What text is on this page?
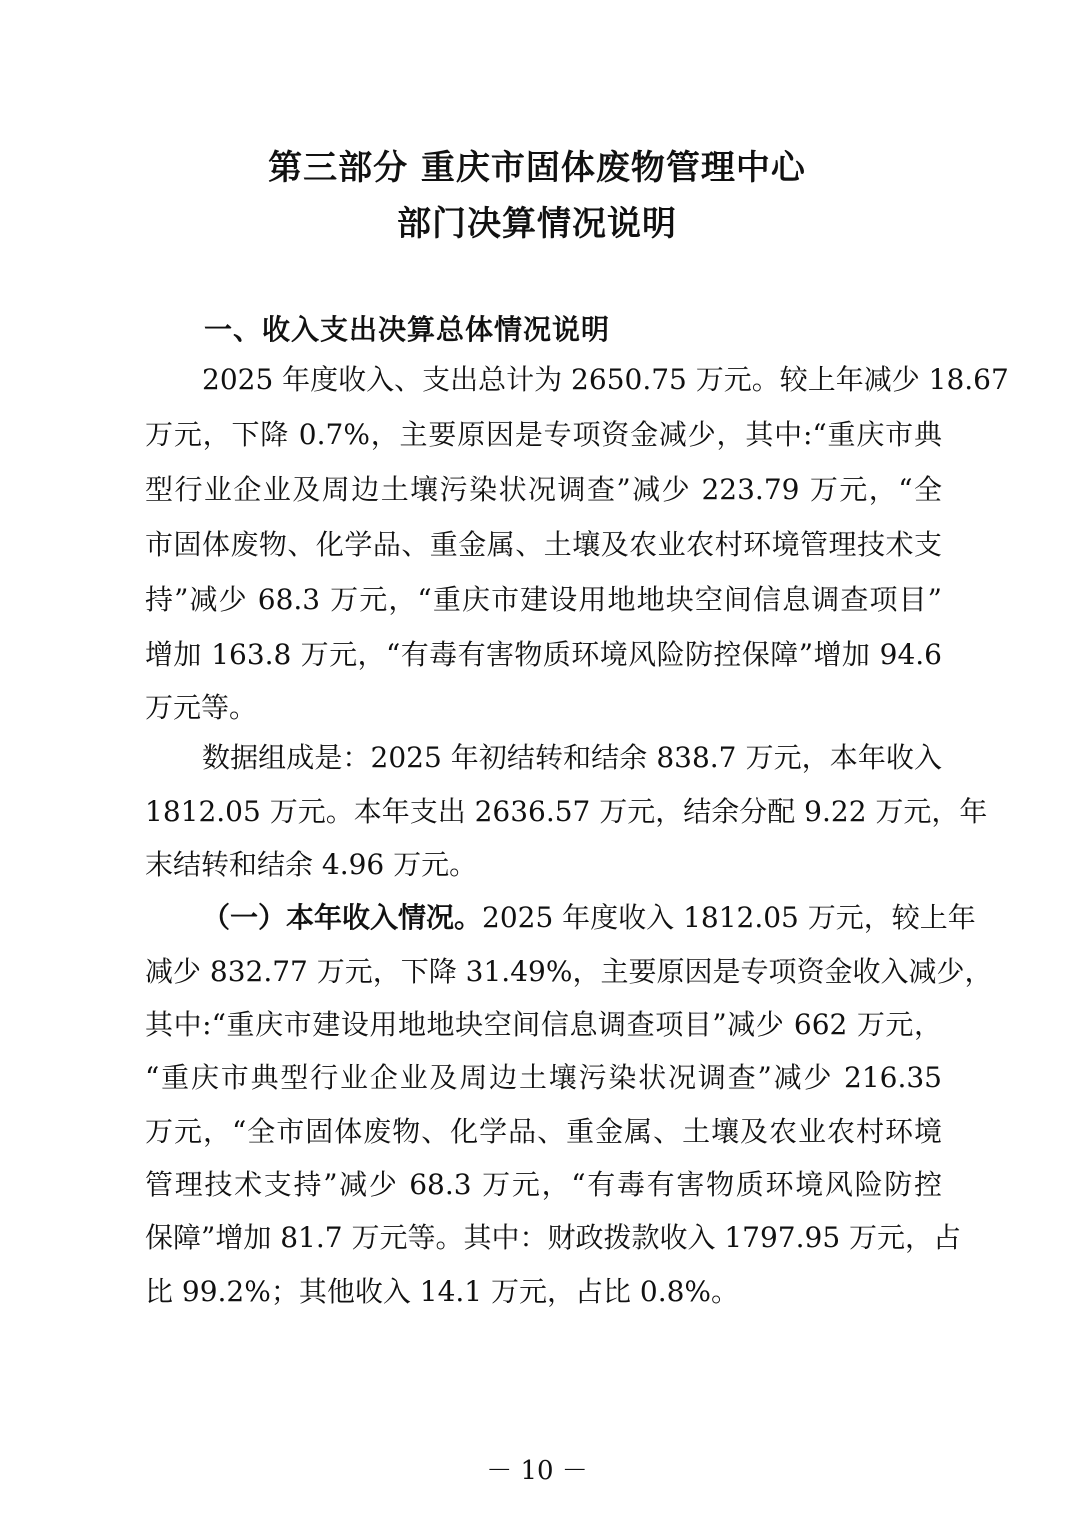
第三部分 重庆市固体废物管理中心
部门决算情况说明
一、收入支出决算总体情况说明
2025 年度收入、支出总计为 2650.75 万元。较上年减少 18.67
万元，下降 0.7%，主要原因是专项资金减少，其中:“重庆市典
型行业企业及周边土壤污染状况调查”减少 223.79 万元，“全
市固体废物、化学品、重金属、土壤及农业农村环境管理技术支
持”减少 68.3 万元，“重庆市建设用地地块空间信息调查项目”
增加 163.8 万元，“有毒有害物质环境风险防控保障”增加 94.6
万元等。
数据组成是：2025 年初结转和结余 838.7 万元，本年收入
1812.05 万元。本年支出 2636.57 万元，结余分配 9.22 万元，年
末结转和结余 4.96 万元。
（一）本年收入情况。2025 年度收入 1812.05 万元，较上年
减少 832.77 万元，下降 31.49%，主要原因是专项资金收入减少，
其中:“重庆市建设用地地块空间信息调查项目”减少 662 万元，
“重庆市典型行业企业及周边土壤污染状况调查”减少 216.35
万元，“全市固体废物、化学品、重金属、土壤及农业农村环境
管理技术支持”减少 68.3 万元，“有毒有害物质环境风险防控
保障”增加 81.7 万元等。其中：财政拨款收入 1797.95 万元，占
比 99.2%；其他收入 14.1 万元，占比 0.8%。
－ 10 －
